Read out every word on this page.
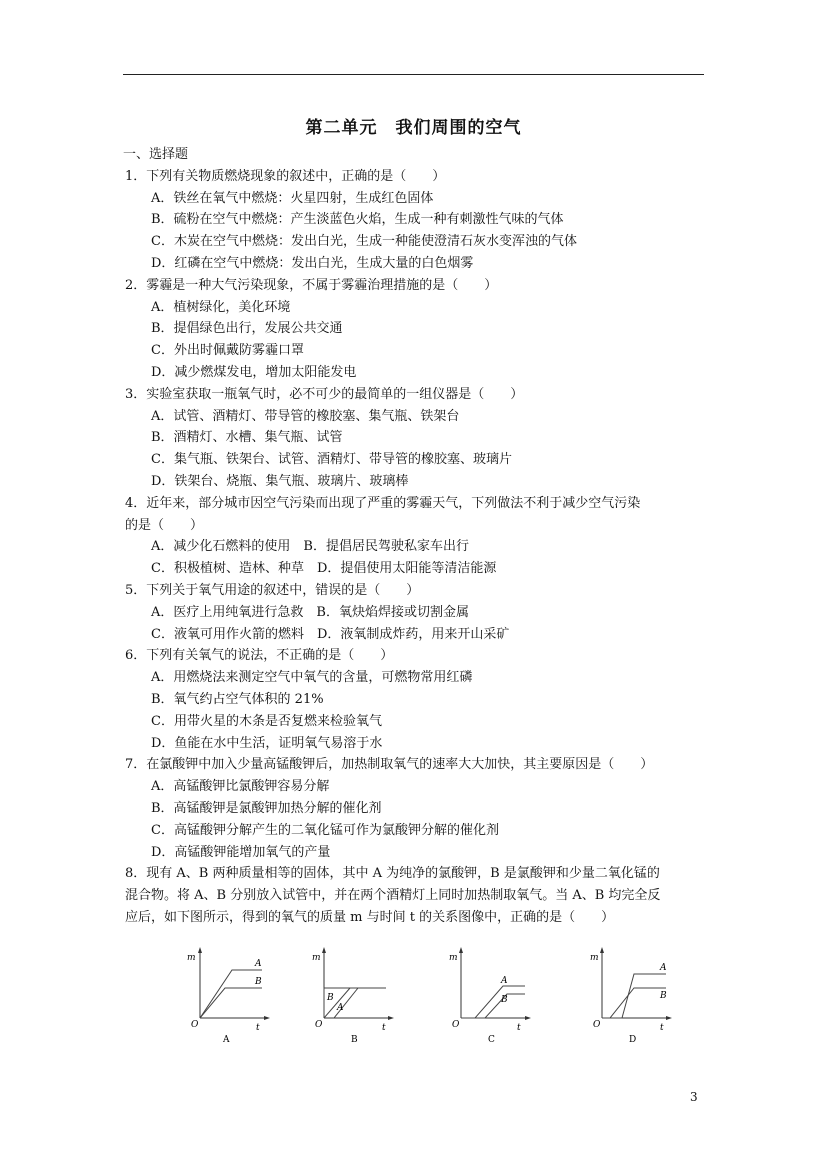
第二单元　我们周围的空气
一、选择题
1．下列有关物质燃烧现象的叙述中，正确的是（　　）
A．铁丝在氧气中燃烧：火星四射，生成红色固体
B．硫粉在空气中燃烧：产生淡蓝色火焰，生成一种有刺激性气味的气体
C．木炭在空气中燃烧：发出白光，生成一种能使澄清石灰水变浑浊的气体
D．红磷在空气中燃烧：发出白光，生成大量的白色烟雾
2．雾霾是一种大气污染现象，不属于雾霾治理措施的是（　　）
A．植树绿化，美化环境
B．提倡绿色出行，发展公共交通
C．外出时佩戴防雾霾口罩
D．减少燃煤发电，增加太阳能发电
3．实验室获取一瓶氧气时，必不可少的最简单的一组仪器是（　　）
A．试管、酒精灯、带导管的橡胶塞、集气瓶、铁架台
B．酒精灯、水槽、集气瓶、试管
C．集气瓶、铁架台、试管、酒精灯、带导管的橡胶塞、玻璃片
D．铁架台、烧瓶、集气瓶、玻璃片、玻璃棒
4．近年来，部分城市因空气污染而出现了严重的雾霾天气，下列做法不利于减少空气污染
的是（　　）
A．减少化石燃料的使用　B．提倡居民驾驶私家车出行
C．积极植树、造林、种草　D．提倡使用太阳能等清洁能源
5．下列关于氧气用途的叙述中，错误的是（　　）
A．医疗上用纯氧进行急救　B．氧炔焰焊接或切割金属
C．液氧可用作火箭的燃料　D．液氧制成炸药，用来开山采矿
6．下列有关氧气的说法，不正确的是（　　）
A．用燃烧法来测定空气中氧气的含量，可燃物常用红磷
B．氧气约占空气体积的 21%
C．用带火星的木条是否复燃来检验氧气
D．鱼能在水中生活，证明氧气易溶于水
7．在氯酸钾中加入少量高锰酸钾后，加热制取氧气的速率大大加快，其主要原因是（　　）
A．高锰酸钾比氯酸钾容易分解
B．高锰酸钾是氯酸钾加热分解的催化剂
C．高锰酸钾分解产生的二氧化锰可作为氯酸钾分解的催化剂
D．高锰酸钾能增加氧气的产量
8．现有 A、B 两种质量相等的固体，其中 A 为纯净的氯酸钾，B 是氯酸钾和少量二氧化锰的
混合物。将 A、B 分别放入试管中，并在两个酒精灯上同时加热制取氧气。当 A、B 均完全反
应后，如下图所示，得到的氧气的质量 m 与时间 t 的关系图像中，正确的是（　　）
m
O	t
A
B
A
m
O	t
A
B
B
m
O	t
A
B
C
m
O	t
A
B
D
3
